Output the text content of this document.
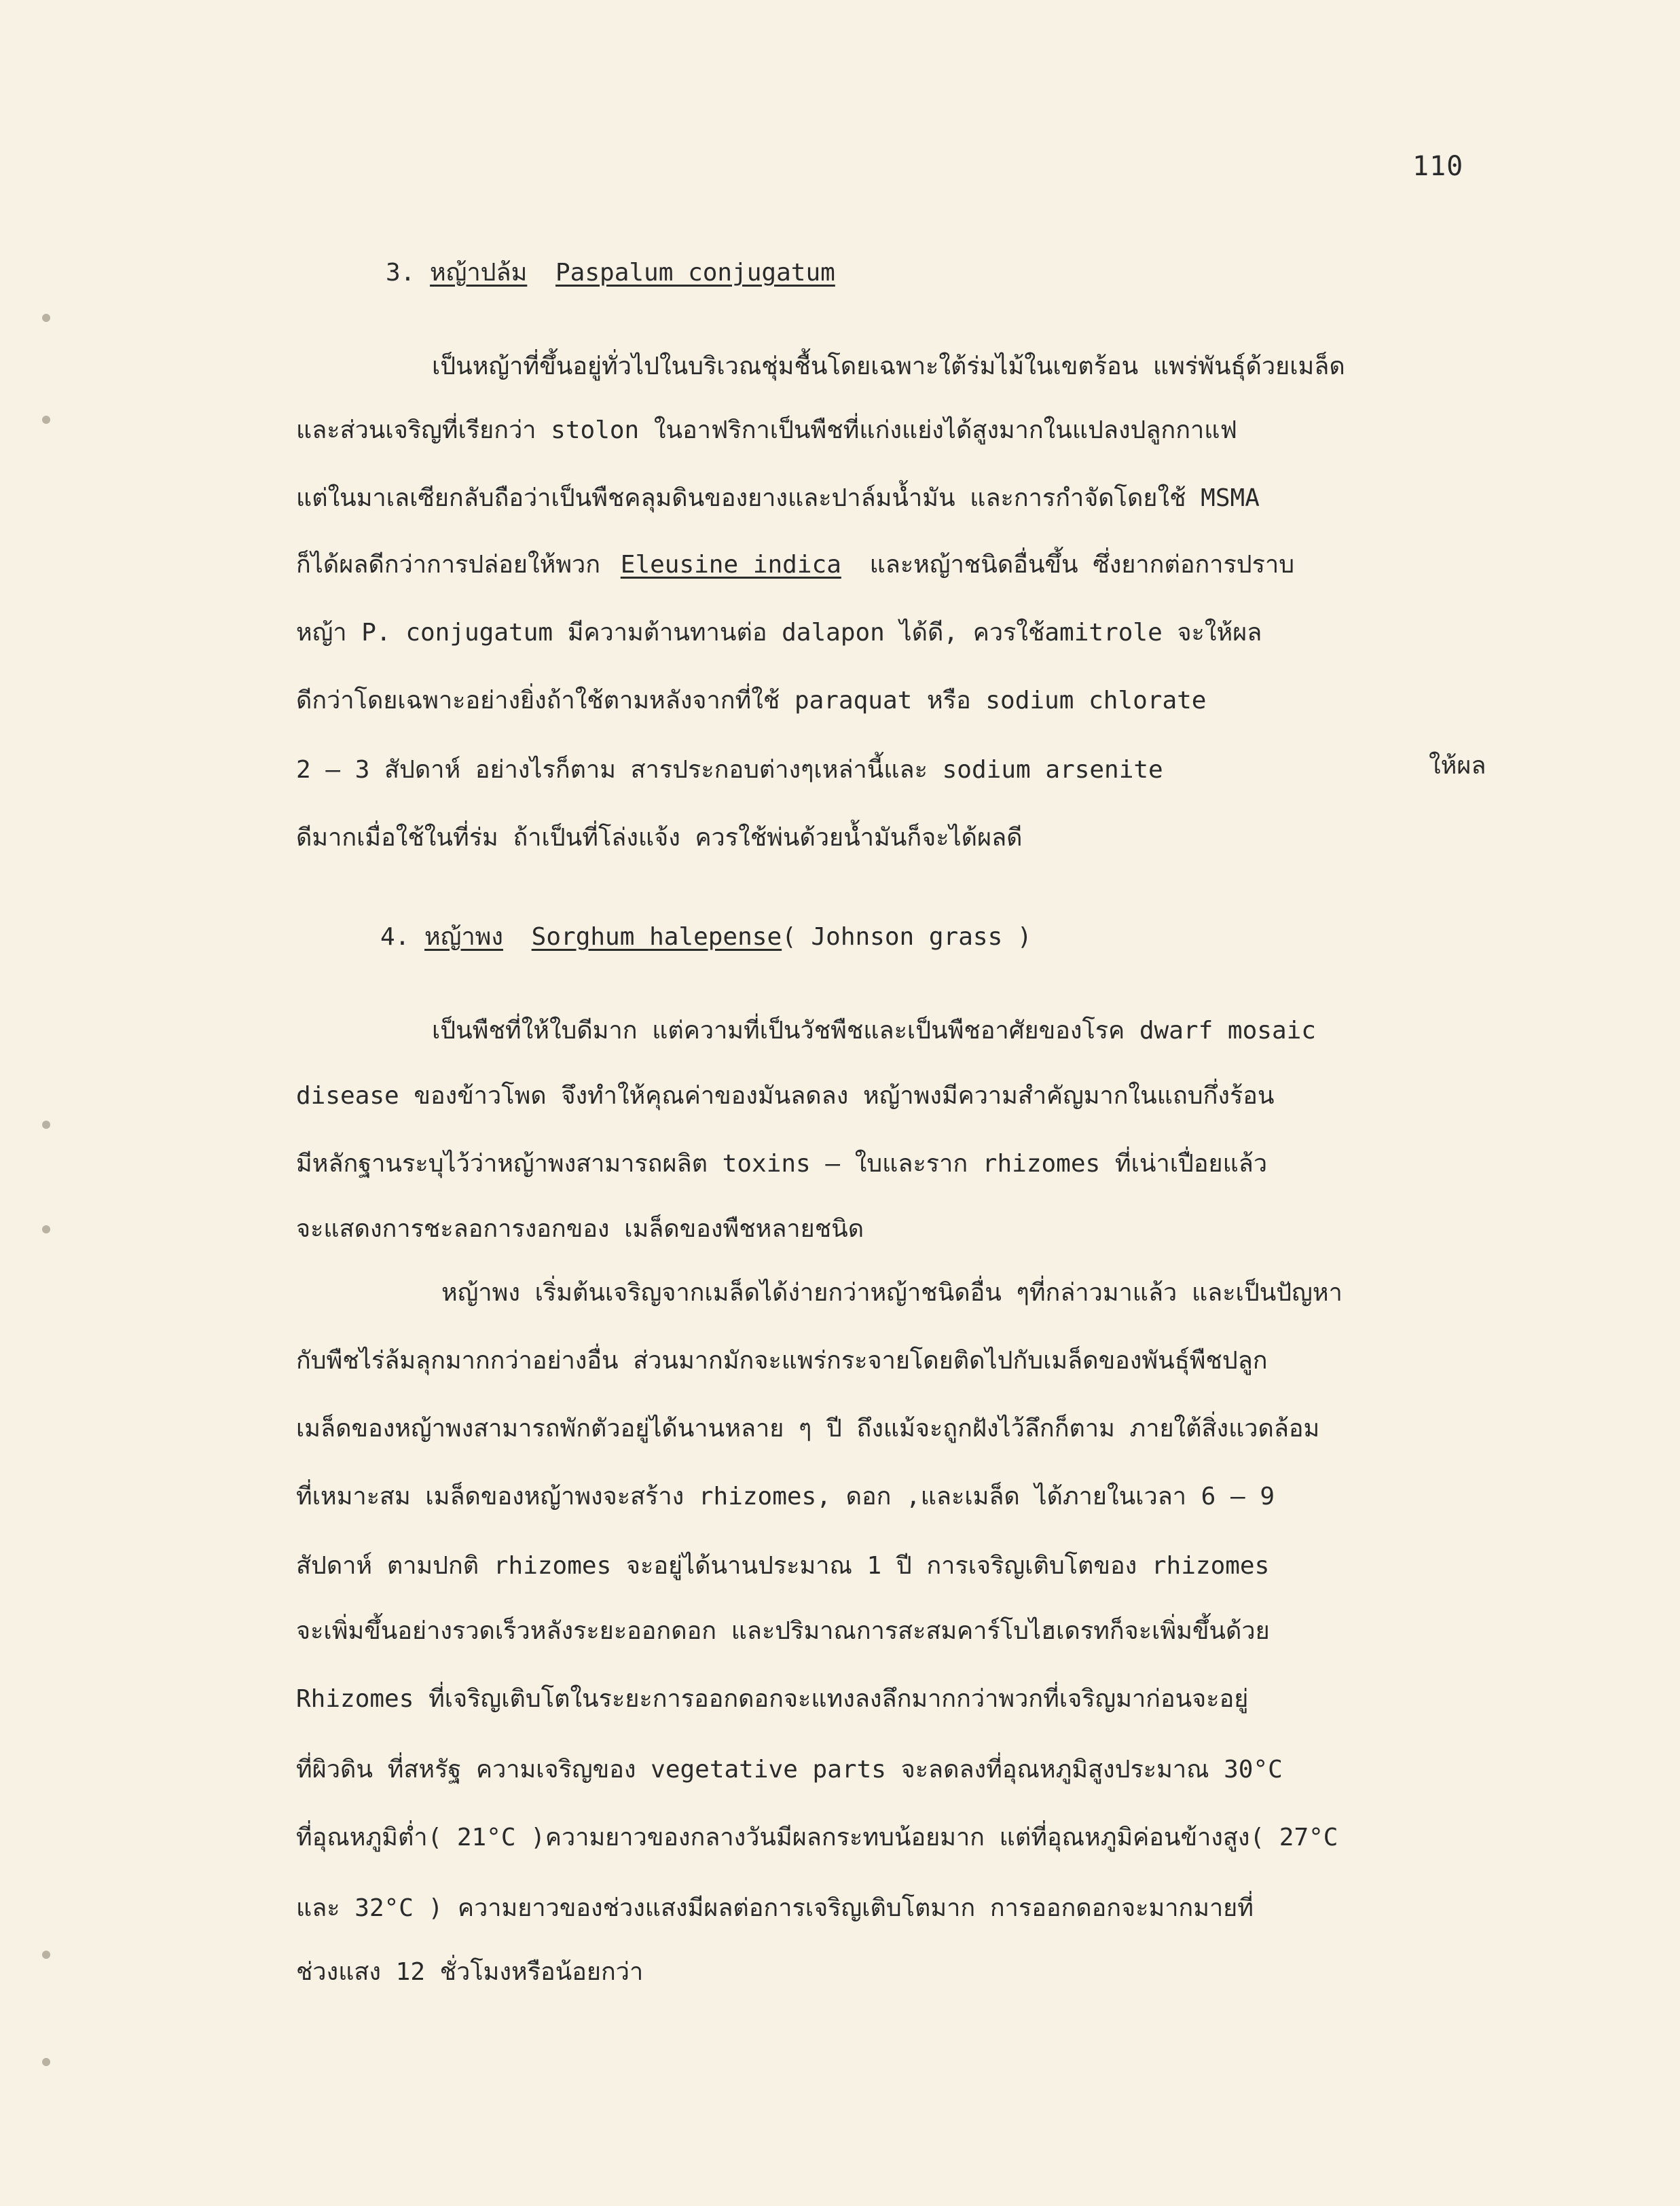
110
3. หญ้าปล้ม Paspalum conjugatum
เป็นหญ้าที่ขึ้นอยู่ทั่วไปในบริเวณชุ่มชื้นโดยเฉพาะใต้ร่มไม้ในเขตร้อน แพร่พันธุ์ด้วยเมล็ด
และส่วนเจริญที่เรียกว่า stolon ในอาฟริกาเป็นพืชที่แก่งแย่งได้สูงมากในแปลงปลูกกาแฟ
แต่ในมาเลเซียกลับถือว่าเป็นพืชคลุมดินของยางและปาล์มน้ำมัน และการกำจัดโดยใช้ MSMA
ก็ได้ผลดีกว่าการปล่อยให้พวก Eleusine indica และหญ้าชนิดอื่นขึ้น ซึ่งยากต่อการปราบ
หญ้า P. conjugatum มีความต้านทานต่อ dalapon ได้ดี, ควรใช้amitrole จะให้ผล
ดีกว่าโดยเฉพาะอย่างยิ่งถ้าใช้ตามหลังจากที่ใช้ paraquat หรือ sodium chlorate
2 – 3 สัปดาห์ อย่างไรก็ตาม สารประกอบต่างๆเหล่านี้และ sodium arsenite	ให้ผล
ดีมากเมื่อใช้ในที่ร่ม ถ้าเป็นที่โล่งแจ้ง ควรใช้พ่นด้วยน้ำมันก็จะได้ผลดี
4. หญ้าพง Sorghum halepense( Johnson grass )
เป็นพืชที่ให้ใบดีมาก แต่ความที่เป็นวัชพืชและเป็นพืชอาศัยของโรค dwarf mosaic
disease ของข้าวโพด จึงทำให้คุณค่าของมันลดลง หญ้าพงมีความสำคัญมากในแถบกึ่งร้อน
มีหลักฐานระบุไว้ว่าหญ้าพงสามารถผลิต toxins – ใบและราก rhizomes ที่เน่าเปื่อยแล้ว
จะแสดงการชะลอการงอกของ เมล็ดของพืชหลายชนิด
หญ้าพง เริ่มต้นเจริญจากเมล็ดได้ง่ายกว่าหญ้าชนิดอื่น ๆที่กล่าวมาแล้ว และเป็นปัญหา
กับพืชไร่ล้มลุกมากกว่าอย่างอื่น ส่วนมากมักจะแพร่กระจายโดยติดไปกับเมล็ดของพันธุ์พืชปลูก
เมล็ดของหญ้าพงสามารถพักตัวอยู่ได้นานหลาย ๆ ปี ถึงแม้จะถูกฝังไว้ลึกก็ตาม ภายใต้สิ่งแวดล้อม
ที่เหมาะสม เมล็ดของหญ้าพงจะสร้าง rhizomes, ดอก ,และเมล็ด ได้ภายในเวลา 6 – 9
สัปดาห์ ตามปกติ rhizomes จะอยู่ได้นานประมาณ 1 ปี การเจริญเติบโตของ rhizomes
จะเพิ่มขึ้นอย่างรวดเร็วหลังระยะออกดอก และปริมาณการสะสมคาร์โบไฮเดรทก็จะเพิ่มขึ้นด้วย
Rhizomes ที่เจริญเติบโตในระยะการออกดอกจะแทงลงลึกมากกว่าพวกที่เจริญมาก่อนจะอยู่
ที่ผิวดิน ที่สหรัฐ ความเจริญของ vegetative parts จะลดลงที่อุณหภูมิสูงประมาณ 30°C
ที่อุณหภูมิต่ำ( 21°C )ความยาวของกลางวันมีผลกระทบน้อยมาก แต่ที่อุณหภูมิค่อนข้างสูง( 27°C
และ 32°C ) ความยาวของช่วงแสงมีผลต่อการเจริญเติบโตมาก การออกดอกจะมากมายที่
ช่วงแสง 12 ชั่วโมงหรือน้อยกว่า
